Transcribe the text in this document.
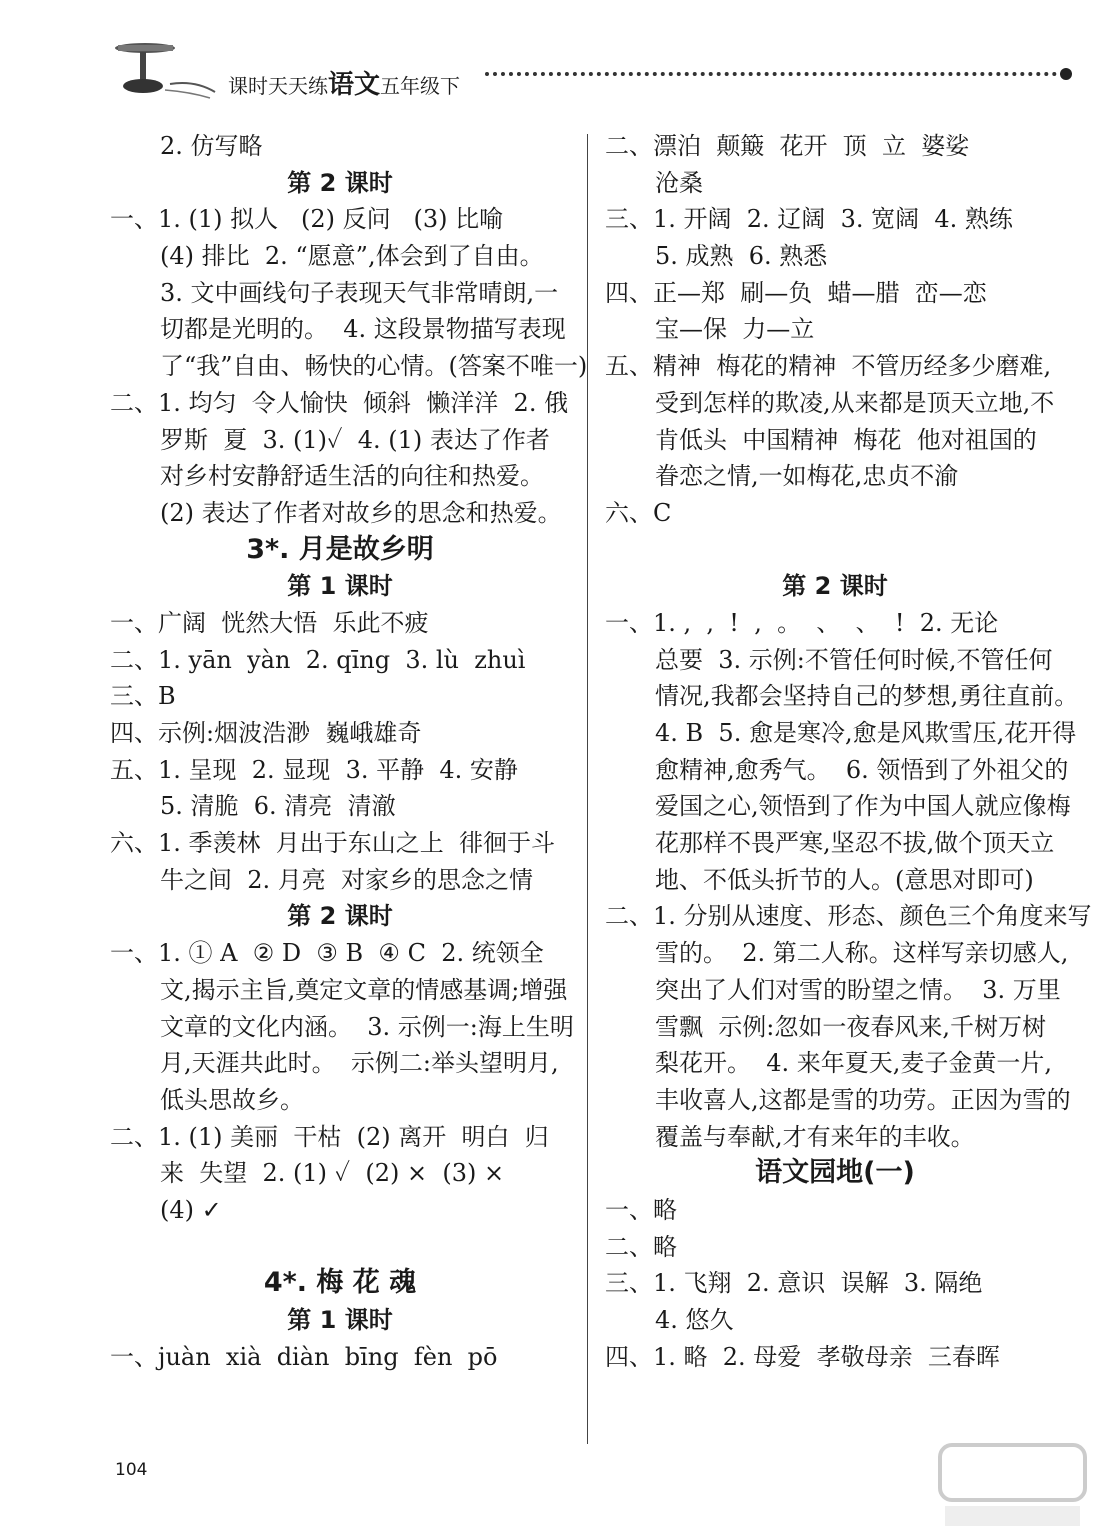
课时天天练语文五年级下
2. 仿写略
第 2 课时
一、1. (1) 拟人   (2) 反问   (3) 比喻
(4) 排比  2. “愿意”,体会到了自由。
3. 文中画线句子表现天气非常晴朗,一
切都是光明的。  4. 这段景物描写表现
了“我”自由、畅快的心情。(答案不唯一)
二、1. 均匀  令人愉快  倾斜  懒洋洋  2. 俄
罗斯  夏  3. (1)✓  4. (1) 表达了作者
对乡村安静舒适生活的向往和热爱。
(2) 表达了作者对故乡的思念和热爱。
3*. 月是故乡明
第 1 课时
一、广阔  恍然大悟  乐此不疲
二、1. yān  yàn  2. qīng  3. lù  zhuì
三、B
四、示例:烟波浩渺  巍峨雄奇
五、1. 呈现  2. 显现  3. 平静  4. 安静
5. 清脆  6. 清亮  清澈
六、1. 季羡林  月出于东山之上  徘徊于斗
牛之间  2. 月亮  对家乡的思念之情
第 2 课时
一、1. ① A  ② D  ③ B  ④ C  2. 统领全
文,揭示主旨,奠定文章的情感基调;增强
文章的文化内涵。  3. 示例一:海上生明
月,天涯共此时。  示例二:举头望明月,
低头思故乡。
二、1. (1) 美丽  干枯  (2) 离开  明白  归
来  失望  2. (1) ✓  (2) ×  (3) ×
(4) ✓
4*. 梅 花 魂
第 1 课时
一、juàn  xià  diàn  bīng  fèn  pō
二、漂泊  颠簸  花开  顶  立  婆娑
沧桑
三、1. 开阔  2. 辽阔  3. 宽阔  4. 熟练
5. 成熟  6. 熟悉
四、正—郑  刷—负  蜡—腊  峦—恋
宝—保  力—立
五、精神  梅花的精神  不管历经多少磨难,
受到怎样的欺凌,从来都是顶天立地,不
肯低头  中国精神  梅花  他对祖国的
眷恋之情,一如梅花,忠贞不渝
六、C
第 2 课时
一、1. ,  ,  !  ,  。  、  、  !  2. 无论
总要  3. 示例:不管任何时候,不管任何
情况,我都会坚持自己的梦想,勇往直前。
4. B  5. 愈是寒冷,愈是风欺雪压,花开得
愈精神,愈秀气。  6. 领悟到了外祖父的
爱国之心,领悟到了作为中国人就应像梅
花那样不畏严寒,坚忍不拔,做个顶天立
地、不低头折节的人。(意思对即可)
二、1. 分别从速度、形态、颜色三个角度来写
雪的。  2. 第二人称。这样写亲切感人,
突出了人们对雪的盼望之情。  3. 万里
雪飘  示例:忽如一夜春风来,千树万树
梨花开。  4. 来年夏天,麦子金黄一片,
丰收喜人,这都是雪的功劳。正因为雪的
覆盖与奉献,才有来年的丰收。
语文园地(一)
一、略
二、略
三、1. 飞翔  2. 意识  误解  3. 隔绝
4. 悠久
四、1. 略  2. 母爱  孝敬母亲  三春晖
104
